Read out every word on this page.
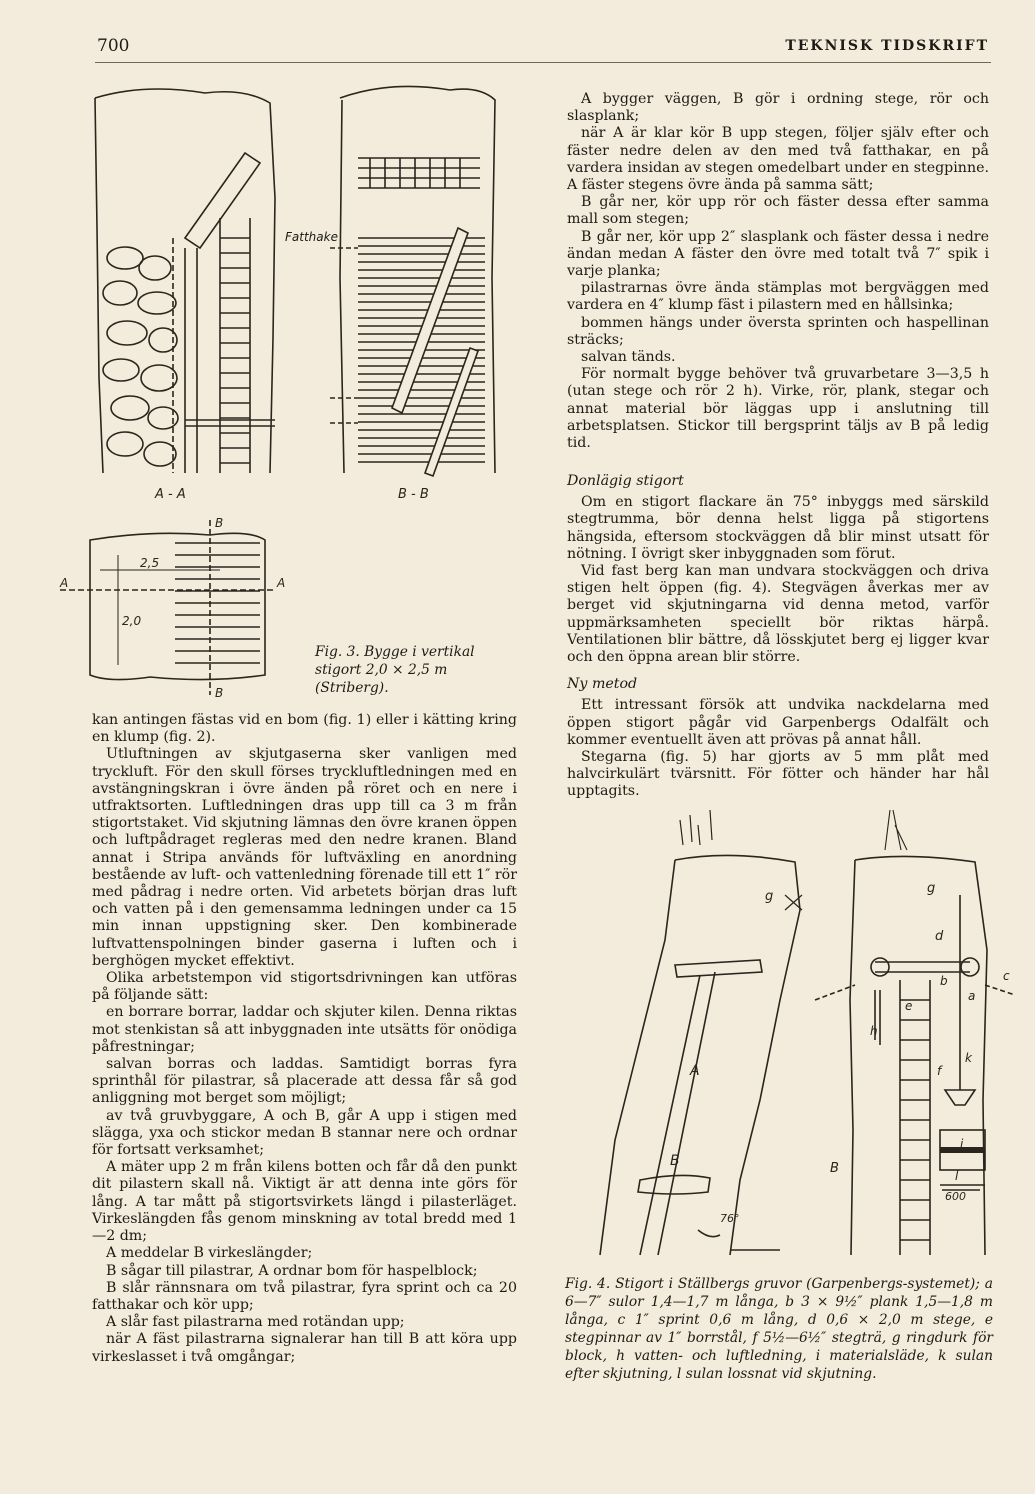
700	TEKNISK TIDSKRIFT
A - A
Fatthake
B - B
2,5
2,0
A	A
B
B
Fig. 3. Bygge i vertikal stigort 2,0 × 2,5 m (Striberg).

kan antingen fästas vid en bom (fig. 1) eller i kätting kring en klump (fig. 2).

Utluftningen av skjutgaserna sker vanligen med tryckluft. För den skull förses tryckluftledningen med en avstängningskran i övre änden på röret och en nere i utfraktsorten. Luftledningen dras upp till ca 3 m från stigortstaket. Vid skjutning lämnas den övre kranen öppen och luftpådraget regleras med den nedre kranen. Bland annat i Stripa används för luftväxling en anordning bestående av luft- och vattenledning förenade till ett 1″ rör med pådrag i nedre orten. Vid arbetets början dras luft och vatten på i den gemensamma ledningen under ca 15 min innan uppstigning sker. Den kombinerade luftvattenspolningen binder gaserna i luften och i berghögen mycket effektivt.

Olika arbetstempon vid stigortsdrivningen kan utföras på följande sätt:

en borrare borrar, laddar och skjuter kilen. Denna riktas mot stenkistan så att inbyggnaden inte utsätts för onödiga påfrestningar;

salvan borras och laddas. Samtidigt borras fyra sprinthål för pilastrar, så placerade att dessa får så god anliggning mot berget som möjligt;

av två gruvbyggare, A och B, går A upp i stigen med slägga, yxa och stickor medan B stannar nere och ordnar för fortsatt verksamhet;

A mäter upp 2 m från kilens botten och får då den punkt dit pilastern skall nå. Viktigt är att denna inte görs för lång. A tar mått på stigortsvirkets längd i pilasterläget. Virkeslängden fås genom minskning av total bredd med 1—2 dm;

A meddelar B virkeslängder;

B sågar till pilastrar, A ordnar bom för haspelblock;

B slår rännsnara om två pilastrar, fyra sprint och ca 20 fatthakar och kör upp;

A slår fast pilastrarna med rotändan upp;

när A fäst pilastrarna signalerar han till B att köra upp virkeslasset i två omgångar;

A bygger väggen, B gör i ordning stege, rör och slasplank;

när A är klar kör B upp stegen, följer själv efter och fäster nedre delen av den med två fatthakar, en på vardera insidan av stegen omedelbart under en stegpinne. A fäster stegens övre ända på samma sätt;

B går ner, kör upp rör och fäster dessa efter samma mall som stegen;

B går ner, kör upp 2″ slasplank och fäster dessa i nedre ändan medan A fäster den övre med totalt två 7″ spik i varje planka;

pilastrarnas övre ända stämplas mot bergväggen med vardera en 4″ klump fäst i pilastern med en hållsinka;

bommen hängs under översta sprinten och haspellinan sträcks;

salvan tänds.

För normalt bygge behöver två gruvarbetare 3—3,5 h (utan stege och rör 2 h). Virke, rör, plank, stegar och annat material bör läggas upp i anslutning till arbetsplatsen. Stickor till bergsprint täljs av B på ledig tid.

Donlägig stigort

Om en stigort flackare än 75° inbyggs med särskild stegtrumma, bör denna helst ligga på stigortens hängsida, eftersom stockväggen då blir minst utsatt för nötning. I övrigt sker inbyggnaden som förut.

Vid fast berg kan man undvara stockväggen och driva stigen helt öppen (fig. 4). Stegvägen åverkas mer av berget vid skjutningarna vid denna metod, varför uppmärksamheten speciellt bör riktas härpå. Ventilationen blir bättre, då lösskjutet berg ej ligger kvar och den öppna arean blir större.

Ny metod

Ett intressant försök att undvika nackdelarna med öppen stigort pågår vid Garpenbergs Odalfält och kommer eventuellt även att prövas på annat håll.

Stegarna (fig. 5) har gjorts av 5 mm plåt med halvcirkulärt tvärsnitt. För fötter och händer har hål upptagits.

g
A
B
76°
g
d
b
a
c
e
h
f
k
i
l
B
600
Fig. 4. Stigort i Ställbergs gruvor (Garpenbergs-systemet); a 6—7″ sulor 1,4—1,7 m långa, b 3 × 9½″ plank 1,5—1,8 m långa, c 1″ sprint 0,6 m lång, d 0,6 × 2,0 m stege, e stegpinnar av 1″ borrstål, f 5½—6½″ stegträ, g ringdurk för block, h vatten- och luftledning, i materialsläde, k sulan efter skjutning, l sulan lossnat vid skjutning.
